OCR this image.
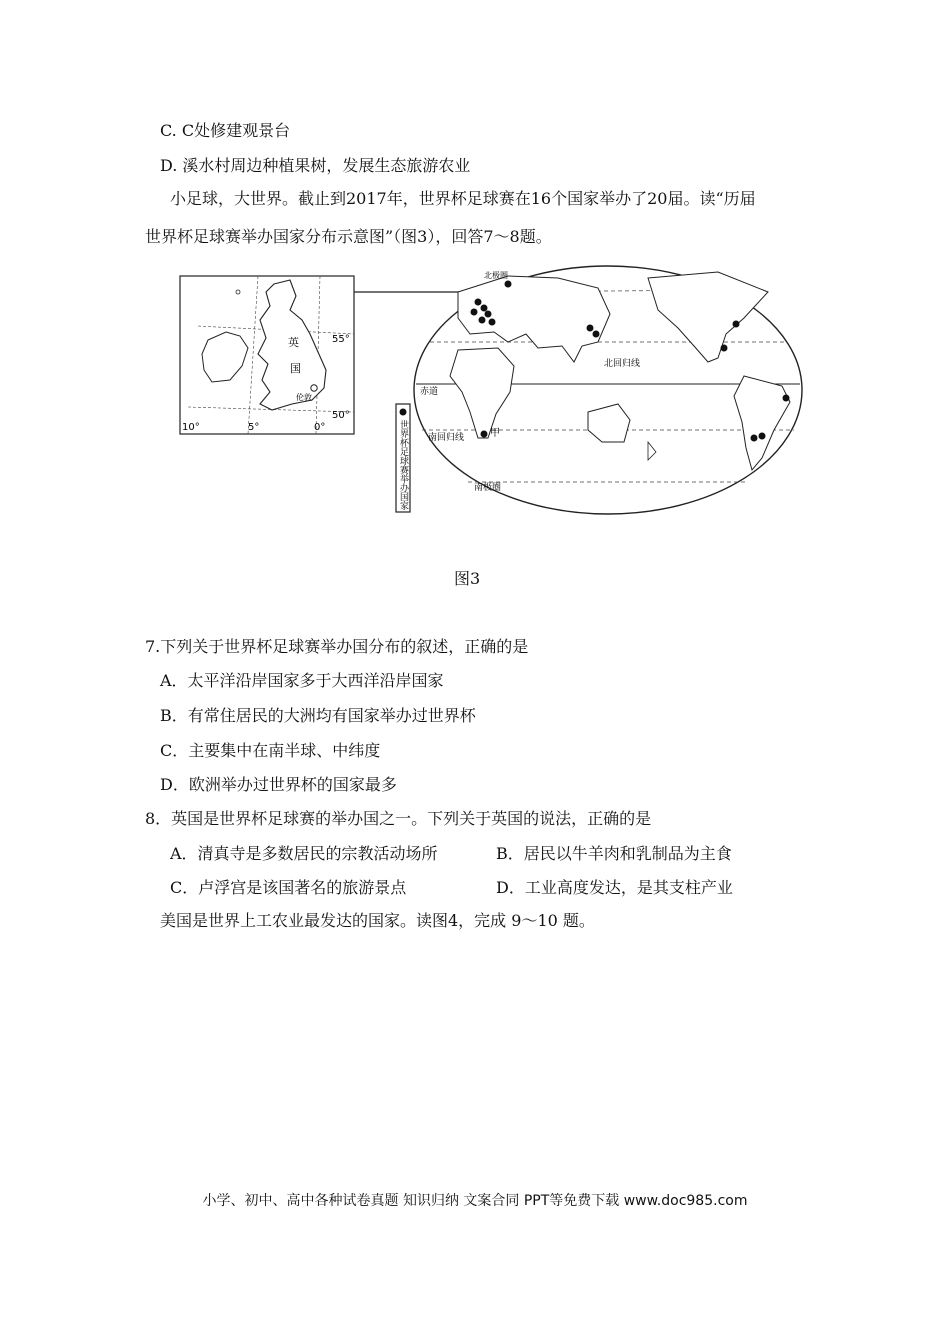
C. C处修建观景台
D. 溪水村周边种植果树，发展生态旅游农业
小足球，大世界。截止到2017年，世界杯足球赛在16个国家举办了20届。读“历届
世界杯足球赛举办国家分布示意图”（图3），回答7～8题。
英
国
伦敦
55°
50°
10°	5°	0°
北极圈
北回归线
赤道
南回归线
南极圈
甲
世界杯足球赛举办国家
图3
7.下列关于世界杯足球赛举办国分布的叙述，正确的是
A．太平洋沿岸国家多于大西洋沿岸国家
B．有常住居民的大洲均有国家举办过世界杯
C．主要集中在南半球、中纬度
D．欧洲举办过世界杯的国家最多
8．英国是世界杯足球赛的举办国之一。下列关于英国的说法，正确的是
A．清真寺是多数居民的宗教活动场所	B．居民以牛羊肉和乳制品为主食
C．卢浮宫是该国著名的旅游景点	D．工业高度发达，是其支柱产业
美国是世界上工农业最发达的国家。读图4，完成 9～10 题。
小学、初中、高中各种试卷真题 知识归纳 文案合同 PPT等免费下载 www.doc985.com
